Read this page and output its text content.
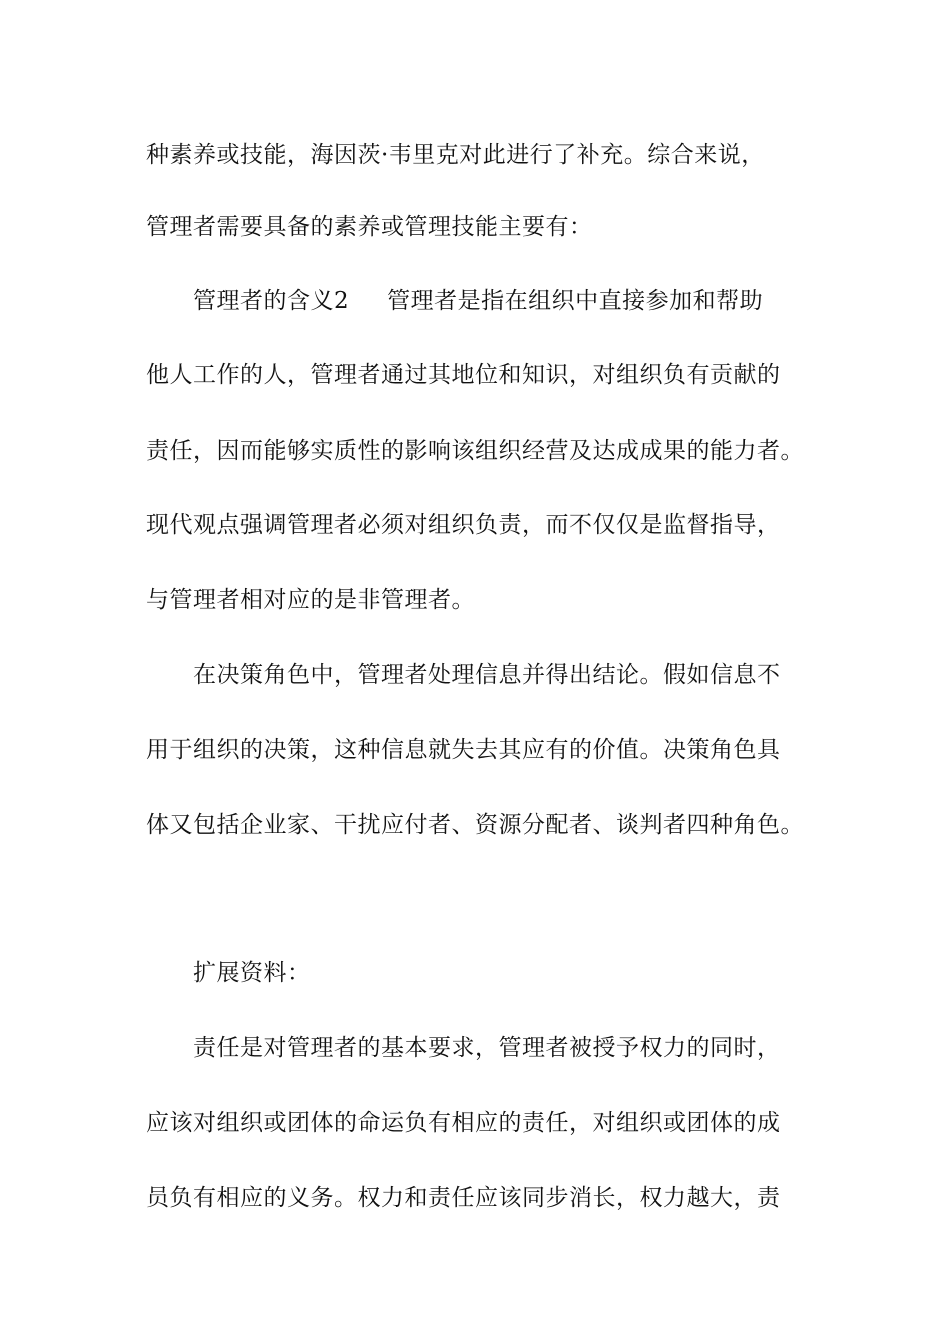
种素养或技能，海因茨·韦里克对此进行了补充。综合来说，
管理者需要具备的素养或管理技能主要有：
管理者的含义2 管理者是指在组织中直接参加和帮助
他人工作的人，管理者通过其地位和知识，对组织负有贡献的
责任，因而能够实质性的影响该组织经营及达成成果的能力者。
现代观点强调管理者必须对组织负责，而不仅仅是监督指导，
与管理者相对应的是非管理者。
在决策角色中，管理者处理信息并得出结论。假如信息不
用于组织的决策，这种信息就失去其应有的价值。决策角色具
体又包括企业家、干扰应付者、资源分配者、谈判者四种角色。
扩展资料：
责任是对管理者的基本要求，管理者被授予权力的同时，
应该对组织或团体的命运负有相应的责任，对组织或团体的成
员负有相应的义务。权力和责任应该同步消长，权力越大，责
